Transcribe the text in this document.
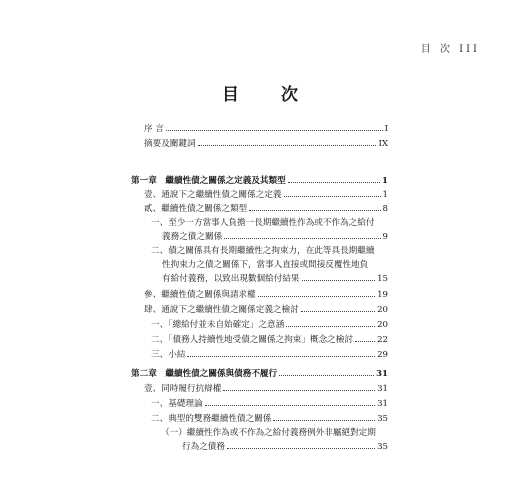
目 次 III
目 次
序 言	I
摘要及關鍵詞	IX
第一章　繼續性債之關係之定義及其類型	1
壹、通說下之繼續性債之關係之定義	1
貳、繼續性債之關係之類型	8
一、至少一方當事人負擔一長期繼續性作為或不作為之給付
義務之債之關係	9
二、債之關係具有長期繼續性之拘束力，在此等具長期繼續
性拘束力之債之關係下，當事人直接或間接反覆性地負
有給付義務，以致出現數個給付結果	15
參、繼續性債之關係與請求權	19
肆、通說下之繼續性債之關係定義之檢討	20
一、「總給付並未自始確定」之意涵	20
二、「債務人持續性地受債之關係之拘束」概念之檢討	22
三、小結	29
第二章　繼續性債之關係與債務不履行	31
壹、同時履行抗辯權	31
一、基礎理論	31
二、典型的雙務繼續性債之關係	35
（一）繼續性作為或不作為之給付義務例外非屬絕對定期
行為之債務	35
